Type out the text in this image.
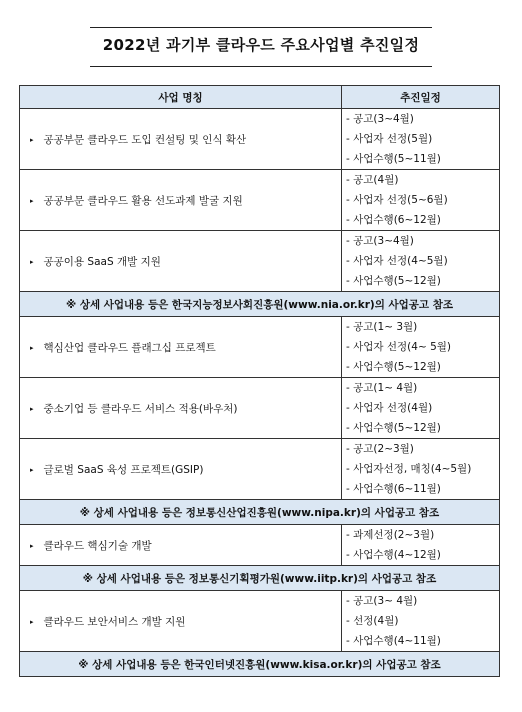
2022년 과기부 클라우드 주요사업별 추진일정
사업 명칭	추진일정
▸ 공공부문 클라우드 도입 컨설팅 및 인식 확산	- 공고(3~4월)
- 사업자 선정(5월)
- 사업수행(5~11월)

▸ 공공부문 클라우드 활용 선도과제 발굴 지원	- 공고(4월)
- 사업자 선정(5~6월)
- 사업수행(6~12월)

▸ 공공이용 SaaS 개발 지원	- 공고(3~4월)
- 사업자 선정(4~5월)
- 사업수행(5~12월)

※ 상세 사업내용 등은 한국지능정보사회진흥원(www.nia.or.kr)의 사업공고 참조	
▸ 핵심산업 클라우드 플래그십 프로젝트	- 공고(1~ 3월)
- 사업자 선정(4~ 5월)
- 사업수행(5~12월)

▸ 중소기업 등 클라우드 서비스 적용(바우처)	- 공고(1~ 4월)
- 사업자 선정(4월)
- 사업수행(5~12월)

▸ 글로벌 SaaS 육성 프로젝트(GSIP)	- 공고(2~3월)
- 사업자선정, 매칭(4~5월)
- 사업수행(6~11월)

※ 상세 사업내용 등은 정보통신산업진흥원(www.nipa.kr)의 사업공고 참조	
▸ 클라우드 핵심기술 개발	- 과제선정(2~3월)
- 사업수행(4~12월)

※ 상세 사업내용 등은 정보통신기획평가원(www.iitp.kr)의 사업공고 참조	
▸ 클라우드 보안서비스 개발 지원	- 공고(3~ 4월)
- 선정(4월)
- 사업수행(4~11월)

※ 상세 사업내용 등은 한국인터넷진흥원(www.kisa.or.kr)의 사업공고 참조	
